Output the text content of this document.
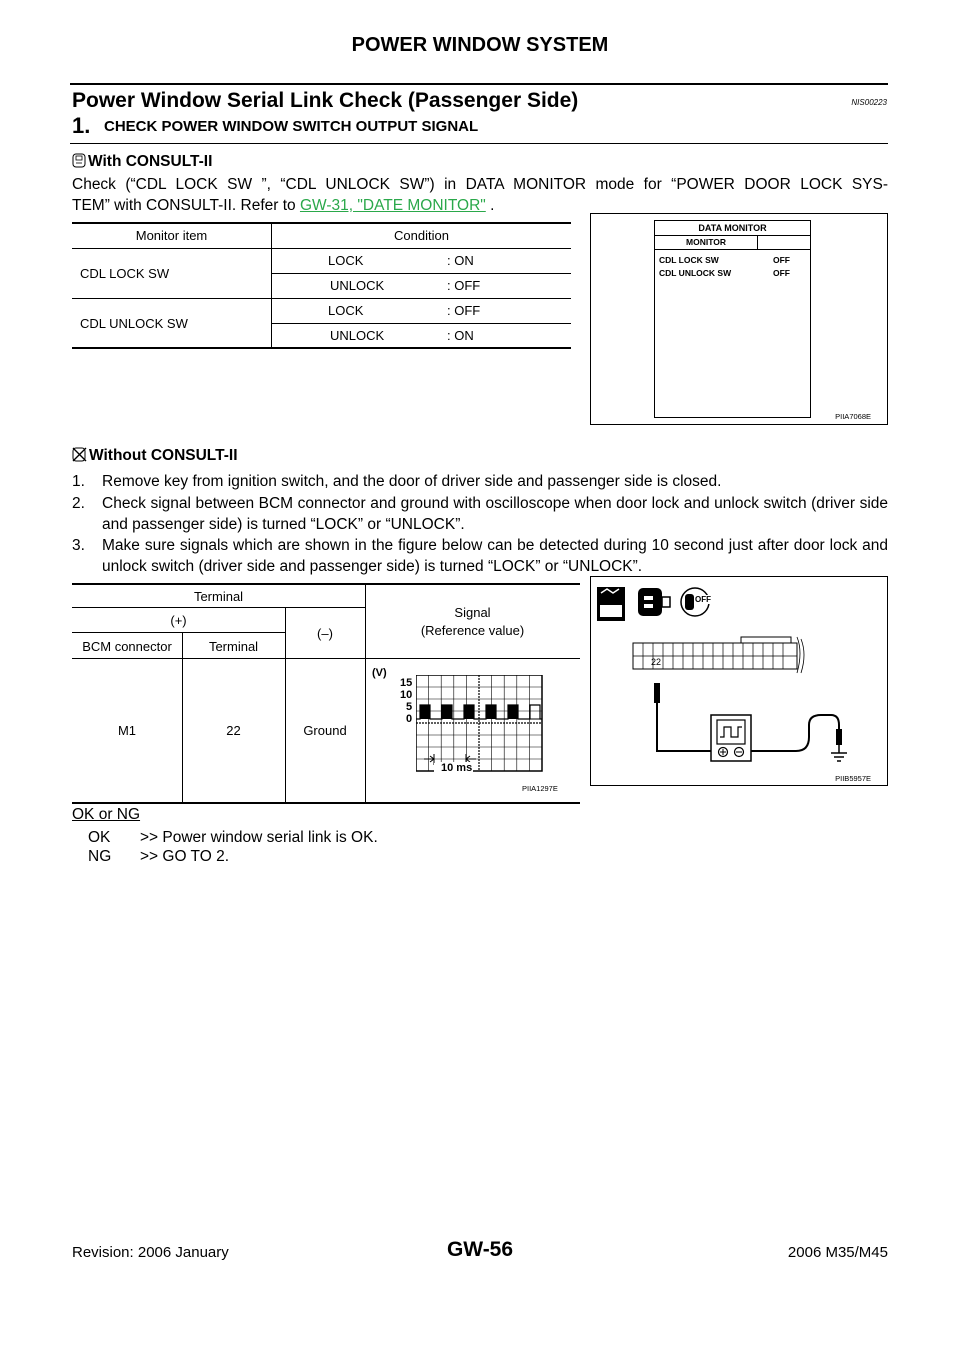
POWER WINDOW SYSTEM
Power Window Serial Link Check (Passenger Side)	NIS00223
1. CHECK POWER WINDOW SWITCH OUTPUT SIGNAL
With CONSULT-II
Check (“CDL LOCK SW ”, “CDL UNLOCK SW”) in DATA MONITOR mode for “POWER DOOR LOCK SYS-
TEM” with CONSULT-II. Refer to GW-31, "DATE MONITOR" .
Monitor item	Condition
CDL LOCK SW
LOCK	: ON
UNLOCK	: OFF
CDL UNLOCK SW
LOCK	: OFF
UNLOCK	: ON
DATA MONITOR
MONITOR
CDL LOCK SW	OFF
CDL UNLOCK SW	OFF
PIIA7068E
Without CONSULT-II
1. Remove key from ignition switch, and the door of driver side and passenger side is closed.
2. Check signal between BCM connector and ground with oscilloscope when door lock and unlock switch (driver side and passenger side) is turned “LOCK” or “UNLOCK”.
3. Make sure signals which are shown in the figure below can be detected during 10 second just after door lock and unlock switch (driver side and passenger side) is turned “LOCK” or “UNLOCK”.
Terminal
(+)
(–)
BCM connector	Terminal
Signal
(Reference value)
M1	22	Ground
(V)
15
10
5
0
10 ms
PIIA1297E
H.S.
OFF
22
PIIB5957E
OK or NG
OK >> Power window serial link is OK.
NG >> GO TO 2.
Revision: 2006 January	GW-56	2006 M35/M45
